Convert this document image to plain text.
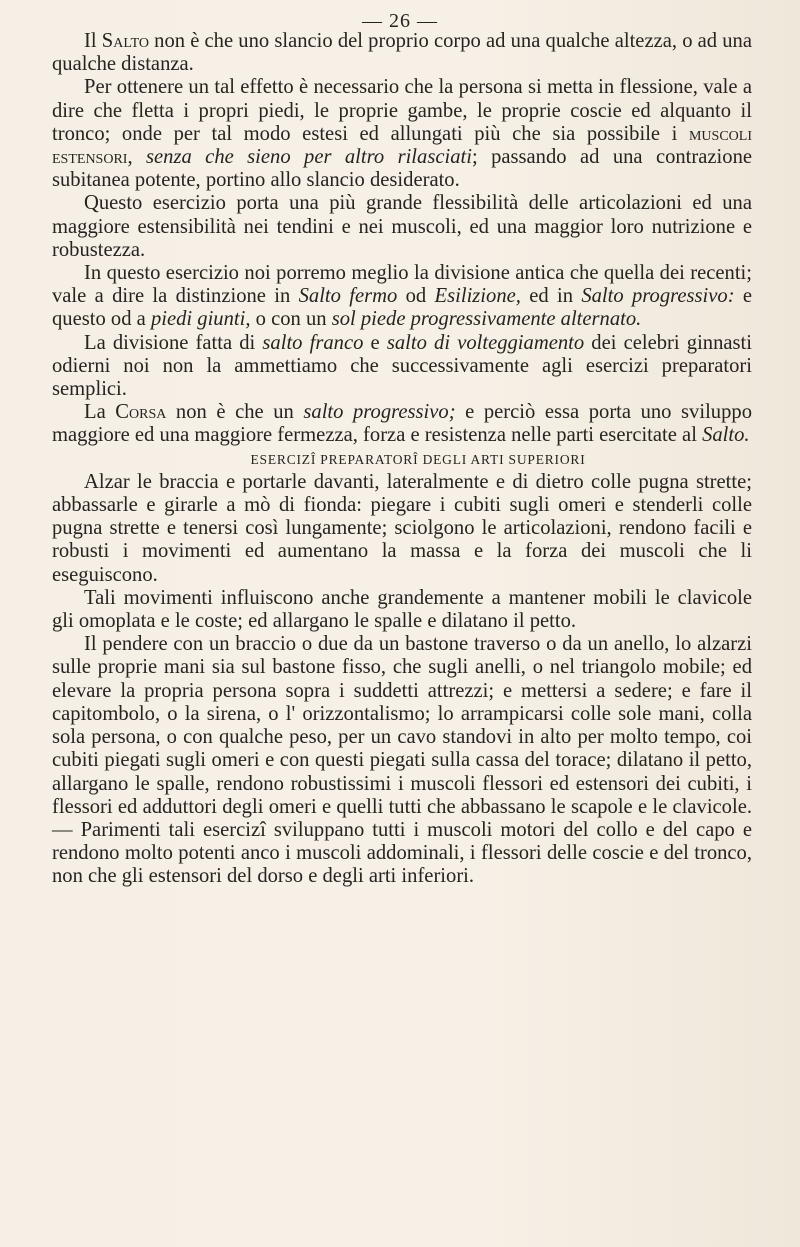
— 26 —

Il Salto non è che uno slancio del proprio corpo ad una qualche altezza, o ad una qualche distanza.

Per ottenere un tal effetto è necessario che la persona si metta in flessione, vale a dire che fletta i propri piedi, le proprie gambe, le proprie coscie ed alquanto il tronco; onde per tal modo estesi ed allungati più che sia possibile i muscoli estensori, senza che sieno per altro rilasciati; passando ad una contrazione subitanea potente, portino allo slancio desiderato.

Questo esercizio porta una più grande flessibilità delle articolazioni ed una maggiore estensibilità nei tendini e nei muscoli, ed una maggior loro nutrizione e robustezza.

In questo esercizio noi porremo meglio la divisione antica che quella dei recenti; vale a dire la distinzione in Salto fermo od Esilizione, ed in Salto progressivo: e questo od a piedi giunti, o con un sol piede progressivamente alternato.

La divisione fatta di salto franco e salto di volteggiamento dei celebri ginnasti odierni noi non la ammettiamo che successivamente agli esercizi preparatori semplici.

La Corsa non è che un salto progressivo; e perciò essa porta uno sviluppo maggiore ed una maggiore fermezza, forza e resistenza nelle parti esercitate al Salto.

ESERCIZÎ PREPARATORÎ DEGLI ARTI SUPERIORI

Alzar le braccia e portarle davanti, lateralmente e di dietro colle pugna strette; abbassarle e girarle a mò di fionda: piegare i cubiti sugli omeri e stenderli colle pugna strette e tenersi così lungamente; sciolgono le articolazioni, rendono facili e robusti i movimenti ed aumentano la massa e la forza dei muscoli che li eseguiscono.

Tali movimenti influiscono anche grandemente a mantener mobili le clavicole gli omoplata e le coste; ed allargano le spalle e dilatano il petto.

Il pendere con un braccio o due da un bastone traverso o da un anello, lo alzarzi sulle proprie mani sia sul bastone fisso, che sugli anelli, o nel triangolo mobile; ed elevare la propria persona sopra i suddetti attrezzi; e mettersi a sedere; e fare il capitombolo, o la sirena, o l' orizzontalismo; lo arrampicarsi colle sole mani, colla sola persona, o con qualche peso, per un cavo standovi in alto per molto tempo, coi cubiti piegati sugli omeri e con questi piegati sulla cassa del torace; dilatano il petto, allargano le spalle, rendono robustissimi i muscoli flessori ed estensori dei cubiti, i flessori ed adduttori degli omeri e quelli tutti che abbassano le scapole e le clavicole. — Parimenti tali esercizî sviluppano tutti i muscoli motori del collo e del capo e rendono molto potenti anco i muscoli addominali, i flessori delle coscie e del tronco, non che gli estensori del dorso e degli arti inferiori.
